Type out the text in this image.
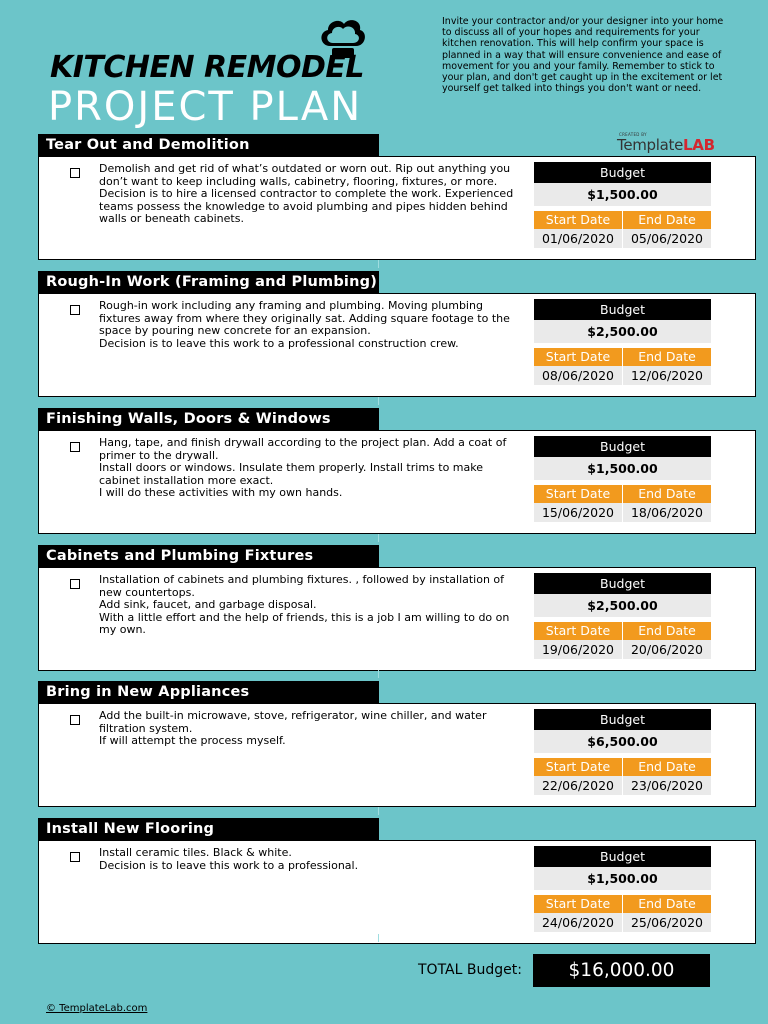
KITCHEN REMODEL
PROJECT PLAN
Invite your contractor and/or your designer into your home to discuss all of your hopes and requirements for your kitchen renovation. This will help confirm your space is planned in a way that will ensure convenience and ease of movement for you and your family. Remember to stick to your plan, and don't get caught up in the excitement or let yourself get talked into things you don't want or need.
CREATED BY
TemplateLAB
Tear Out and Demolition
Demolish and get rid of what’s outdated or worn out. Rip out anything you don’t want to keep including walls, cabinetry, flooring, fixtures, or more.
Decision is to hire a licensed contractor to complete the work. Experienced teams possess the knowledge to avoid plumbing and pipes hidden behind walls or beneath cabinets.
Budget
$1,500.00
Start Date	End Date
01/06/2020	05/06/2020
Rough-In Work (Framing and Plumbing)
Rough-in work including any framing and plumbing. Moving plumbing fixtures away from where they originally sat. Adding square footage to the space by pouring new concrete for an expansion.
Decision is to leave this work to a professional construction crew.
Budget
$2,500.00
Start Date	End Date
08/06/2020	12/06/2020
Finishing Walls, Doors & Windows
Hang, tape, and finish drywall according to the project plan. Add a coat of primer to the drywall.
Install doors or windows. Insulate them properly. Install trims to make cabinet installation more exact.
I will do these activities with my own hands.
Budget
$1,500.00
Start Date	End Date
15/06/2020	18/06/2020
Cabinets and Plumbing Fixtures
Installation of cabinets and plumbing fixtures. , followed by installation of new countertops.
Add sink, faucet, and garbage disposal.
With a little effort and the help of friends, this is a job I am willing to do on my own.
Budget
$2,500.00
Start Date	End Date
19/06/2020	20/06/2020
Bring in New Appliances
Add the built-in microwave, stove, refrigerator, wine chiller, and water filtration system.
If will attempt the process myself.
Budget
$6,500.00
Start Date	End Date
22/06/2020	23/06/2020
Install New Flooring
Install ceramic tiles. Black & white.
Decision is to leave this work to a professional.
Budget
$1,500.00
Start Date	End Date
24/06/2020	25/06/2020
TOTAL Budget:	$16,000.00
© TemplateLab.com
